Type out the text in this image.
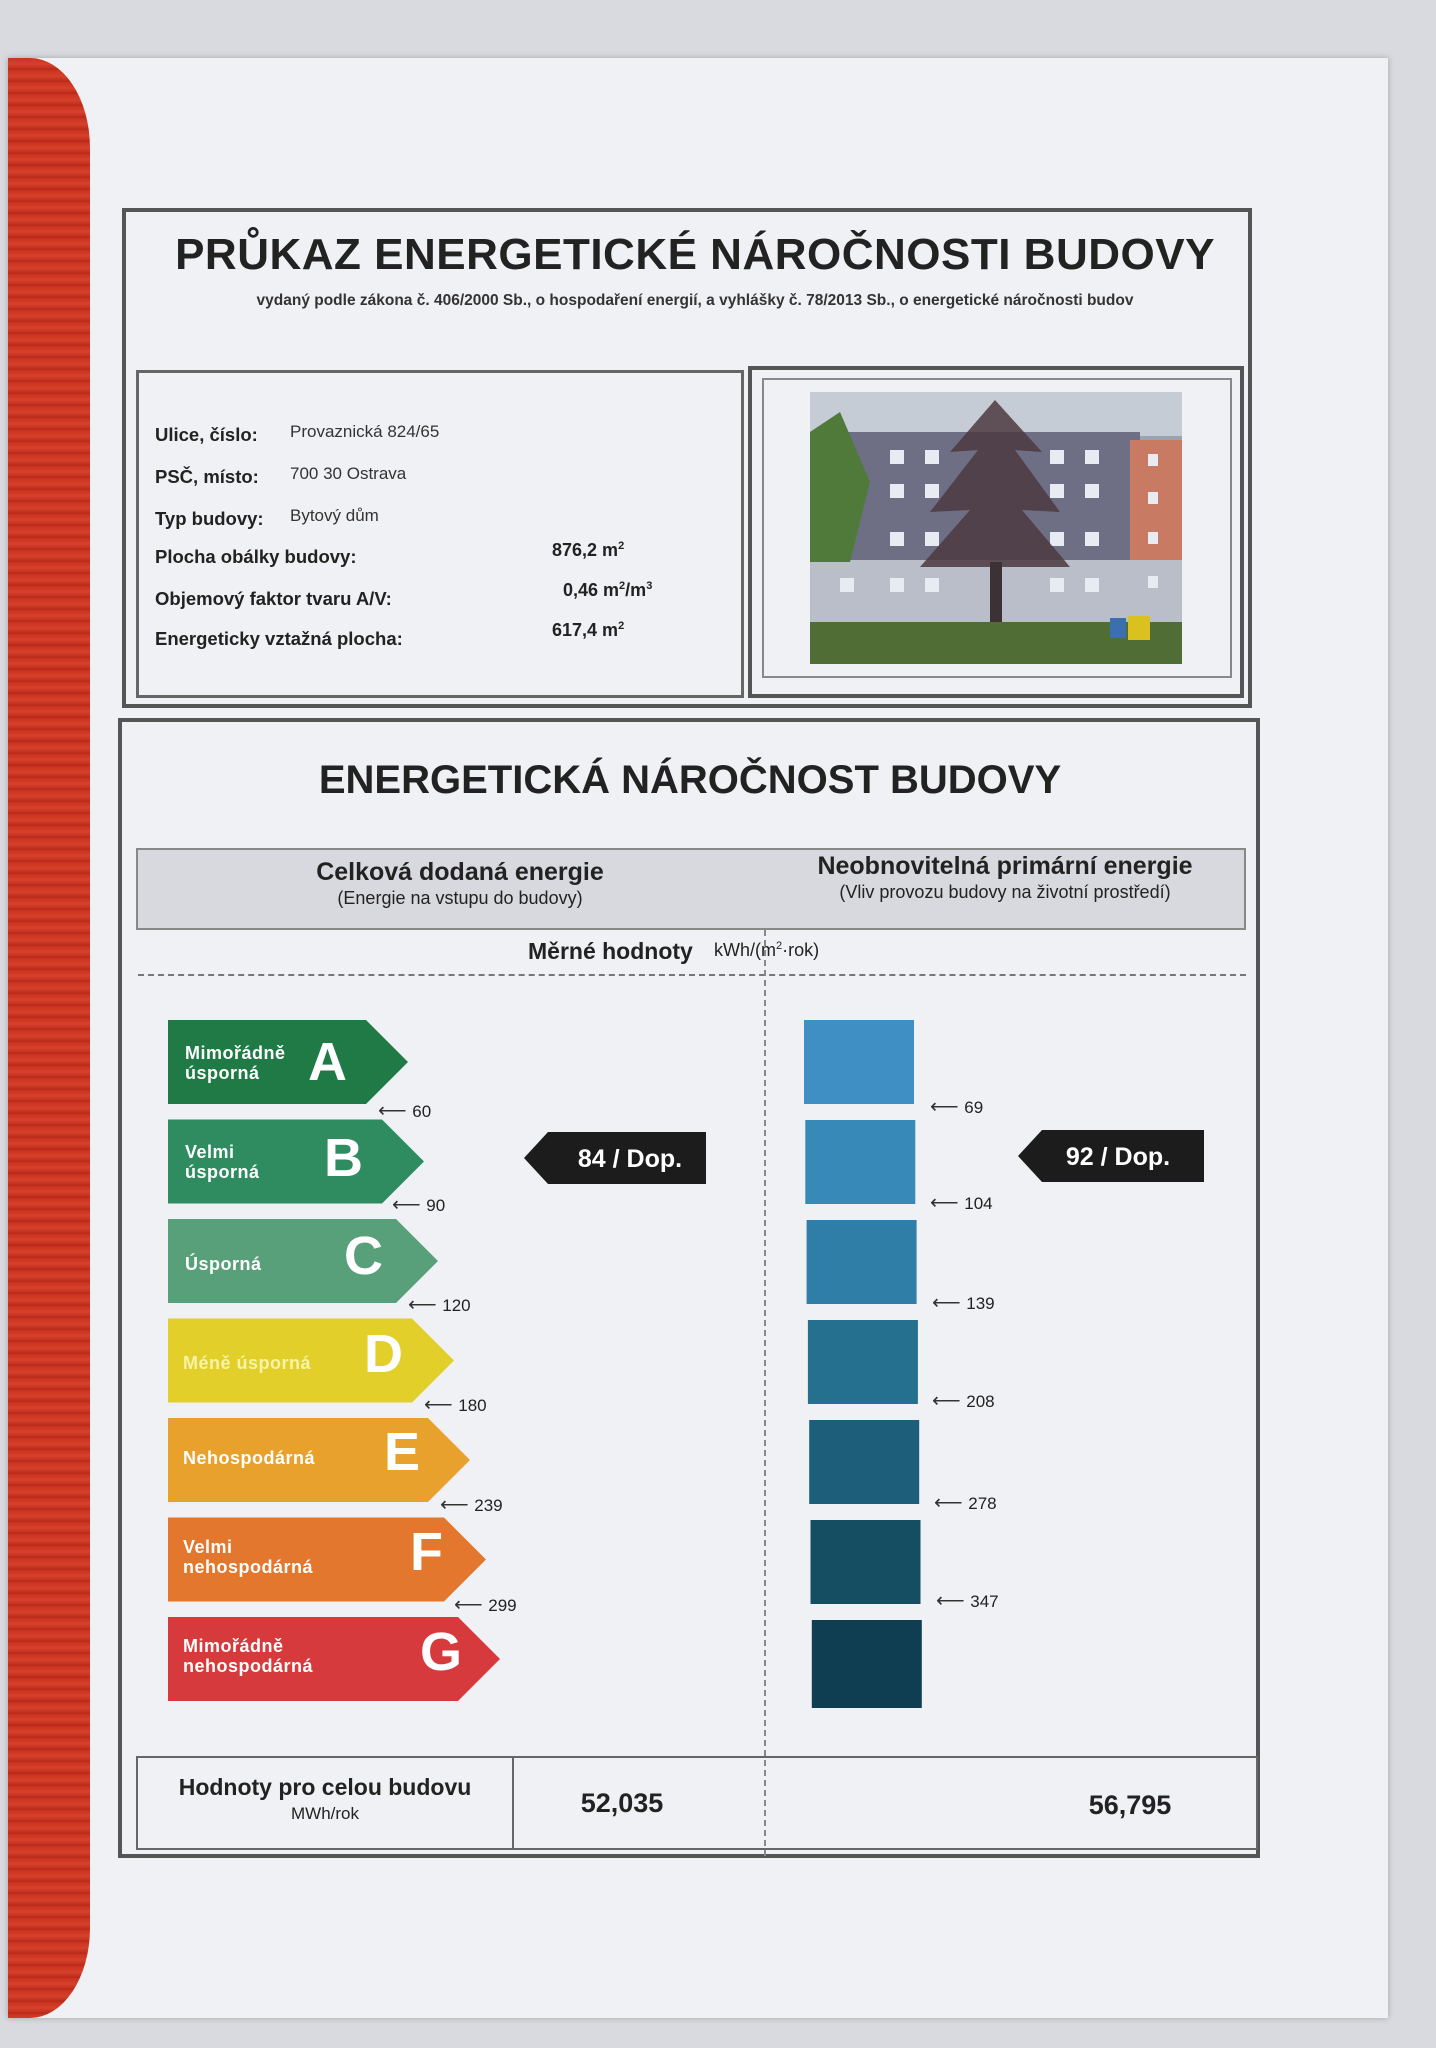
PRŮKAZ ENERGETICKÉ NÁROČNOSTI BUDOVY
vydaný podle zákona č. 406/2000 Sb., o hospodaření energií, a vyhlášky č. 78/2013 Sb., o energetické náročnosti budov
Ulice, číslo: Provaznická 824/65
PSČ, místo: 700 30 Ostrava
Typ budovy: Bytový dům
Plocha obálky budovy:	876,2 $m^2$
Objemový faktor tvaru A/V:	0,46 $m^2/m^3$
Energeticky vztažná plocha:	617,4 $m^2$
ENERGETICKÁ NÁROČNOST BUDOVY
Celková dodaná energie
(Energie na vstupu do budovy)
Neobnovitelná primární energie
(Vliv provozu budovy na životní prostředí)
Měrné hodnoty kWh/$(m^2\cdot rok)$
Mimořádně
úsporná A
Velmi
úsporná B
Úsporná C
Méně úsporná D
Nehospodárná E
Velmi
nehospodárná F
Mimořádně
nehospodárná G
⟵ 60
⟵ 90
⟵ 120
⟵ 180
⟵ 239
⟵ 299
⟵ 69
⟵ 104
⟵ 139
⟵ 208
⟵ 278
⟵ 347
84 / Dop.	92 / Dop.
Hodnoty pro celou budovu
MWh/rok	52,035	56,795
